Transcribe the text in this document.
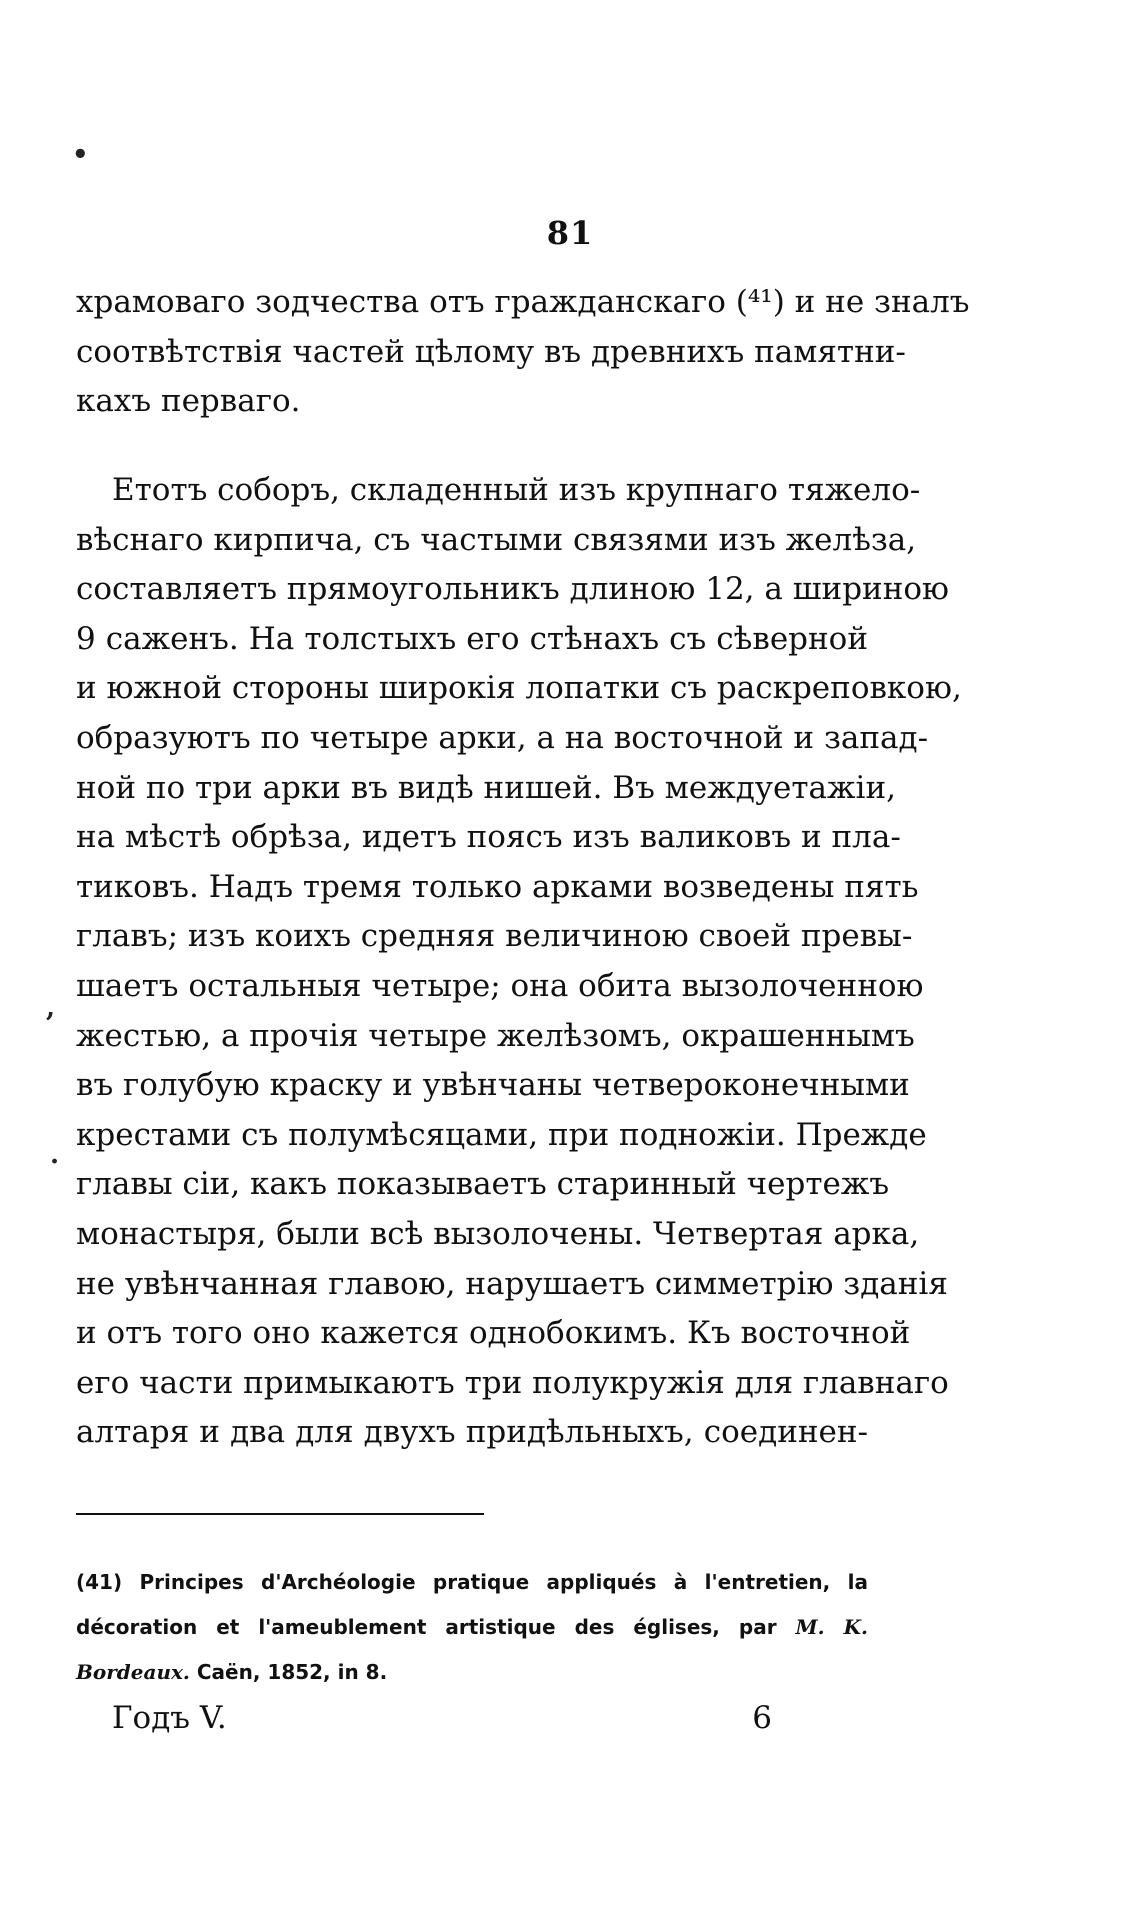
•
81
храмоваго зодчества отъ гражданскаго (⁴¹) и не зналъ
соотвѣтствія частей цѣлому въ древнихъ памятни-
кахъ перваго.
Етотъ соборъ, складенный изъ крупнаго тяжело-
вѣснаго кирпича, съ частыми связями изъ желѣза,
составляетъ прямоугольникъ длиною 12, а шириною
9 саженъ. На толстыхъ его стѣнахъ съ сѣверной
и южной стороны широкія лопатки съ раскреповкою,
образуютъ по четыре арки, а на восточной и запад-
ной по три арки въ видѣ нишей. Въ междуетажіи,
на мѣстѣ обрѣза, идетъ поясъ изъ валиковъ и пла-
тиковъ. Надъ тремя только арками возведены пять
главъ; изъ коихъ средняя величиною своей превы-
шаетъ остальныя четыре; она обита вызолоченною
жестью, а прочія четыре желѣзомъ, окрашеннымъ
въ голубую краску и увѣнчаны четвероконечными
крестами съ полумѣсяцами, при подножіи. Прежде
главы сіи, какъ показываетъ старинный чертежъ
монастыря, были всѣ вызолочены. Четвертая арка,
не увѣнчанная главою, нарушаетъ симметрію зданія
и отъ того оно кажется однобокимъ. Къ восточной
его части примыкаютъ три полукружія для главнаго
алтаря и два для двухъ придѣльныхъ, соединен-
,
.
(41) Principes d'Archéologie pratique appliqués à l'entretien, la
décoration et l'ameublement artistique des églises, par M. K.
Bordeaux. Caën, 1852, in 8.
Годъ V.	6
